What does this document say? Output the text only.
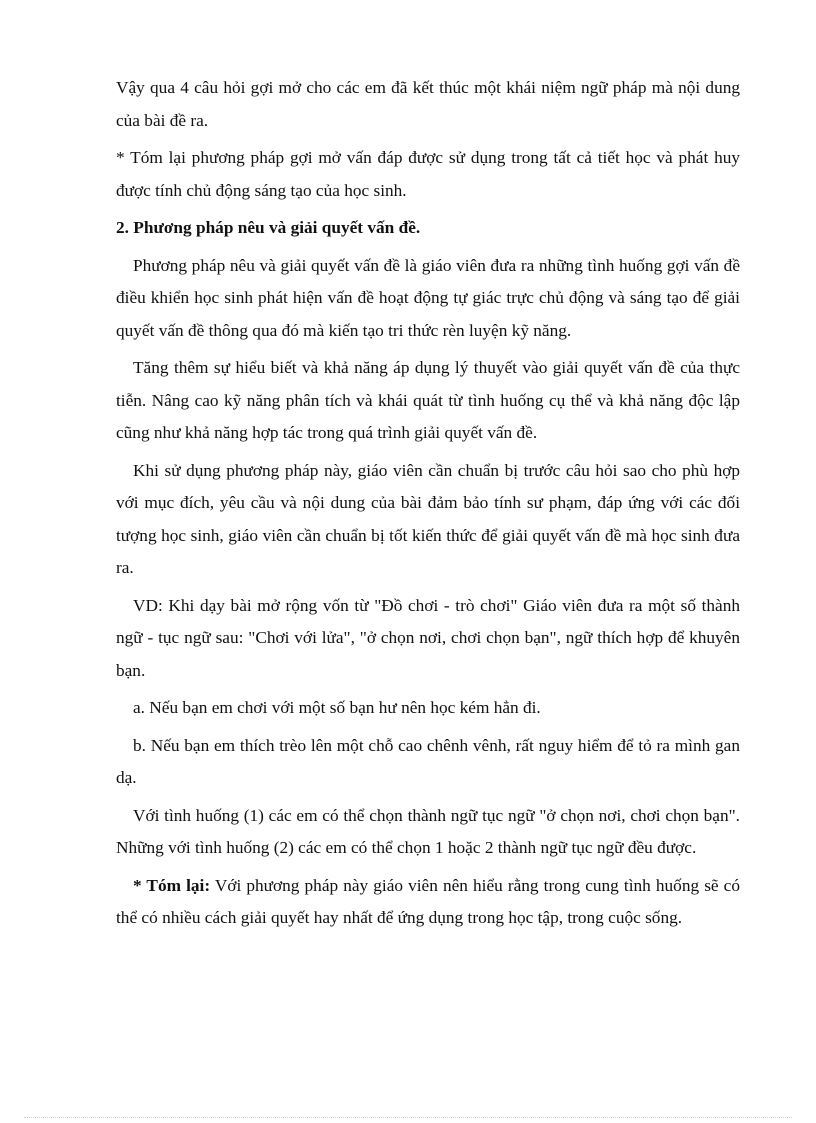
Vậy qua 4 câu hỏi gợi mở cho các em đã kết thúc một khái niệm ngữ pháp mà nội dung của bài đề ra.

* Tóm lại phương pháp gợi mở vấn đáp được sử dụng trong tất cả tiết học và phát huy được tính chủ động sáng tạo của học sinh.

2. Phương pháp nêu và giải quyết vấn đề.

Phương pháp nêu và giải quyết vấn đề là giáo viên đưa ra những tình huống gợi vấn đề điều khiển học sinh phát hiện vấn đề hoạt động tự giác trực chủ động và sáng tạo để giải quyết vấn đề thông qua đó mà kiến tạo tri thức rèn luyện kỹ năng.

Tăng thêm sự hiểu biết và khả năng áp dụng lý thuyết vào giải quyết vấn đề của thực tiễn. Nâng cao kỹ năng phân tích và khái quát từ tình huống cụ thể và khả năng độc lập cũng như khả năng hợp tác trong quá trình giải quyết vấn đề.

Khi sử dụng phương pháp này, giáo viên cần chuẩn bị trước câu hỏi sao cho phù hợp với mục đích, yêu cầu và nội dung của bài đảm bảo tính sư phạm, đáp ứng với các đối tượng học sinh, giáo viên cần chuẩn bị tốt kiến thức để giải quyết vấn đề mà học sinh đưa ra.

VD: Khi dạy bài mở rộng vốn từ "Đồ chơi - trò chơi" Giáo viên đưa ra một số thành ngữ - tục ngữ sau: "Chơi với lửa", "ở chọn nơi, chơi chọn bạn", ngữ thích hợp để khuyên bạn.

a. Nếu bạn em chơi với một số bạn hư nên học kém hẳn đi.

b. Nếu bạn em thích trèo lên một chỗ cao chênh vênh, rất nguy hiểm để tỏ ra mình gan dạ.

Với tình huống (1) các em có thể chọn thành ngữ tục ngữ "ở chọn nơi, chơi chọn bạn". Những với tình huống (2) các em có thể chọn 1 hoặc 2 thành ngữ tục ngữ đều được.

* Tóm lại: Với phương pháp này giáo viên nên hiểu rằng trong cung tình huống sẽ có thể có nhiều cách giải quyết hay nhất để ứng dụng trong học tập, trong cuộc sống.
